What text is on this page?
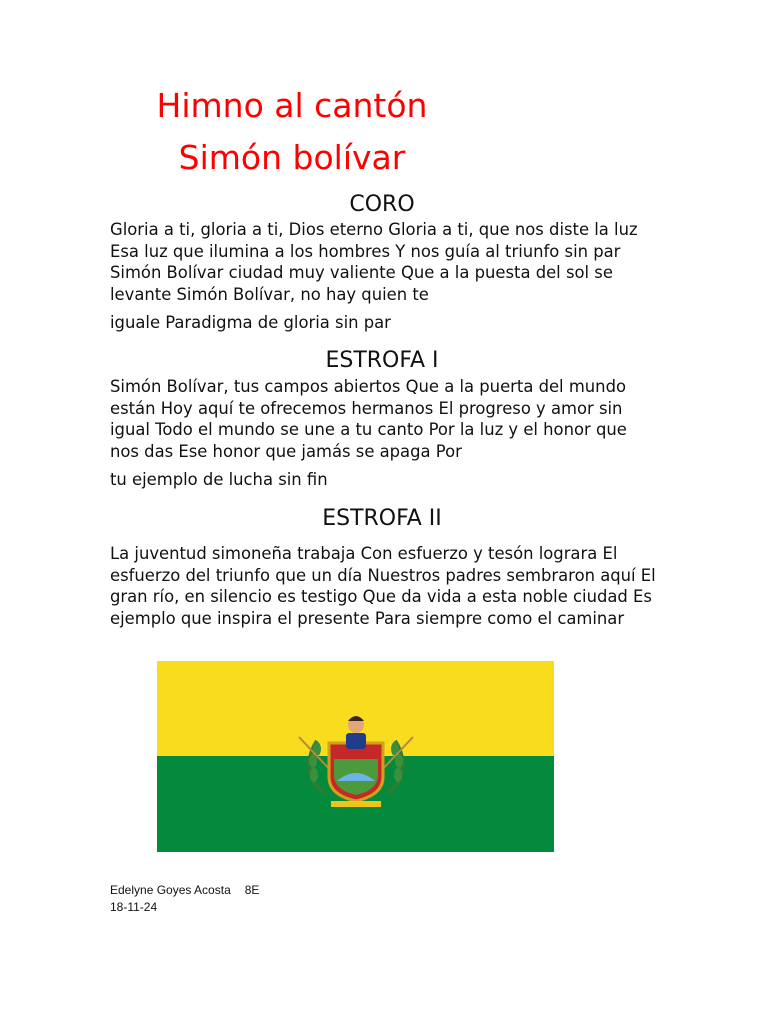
Himno al cantón
Simón bolívar
CORO

Gloria a ti, gloria a ti, Dios eterno Gloria a ti, que nos diste la luz Esa luz que ilumina a los hombres Y nos guía al triunfo sin par Simón Bolívar ciudad muy valiente Que a la puesta del sol se levante Simón Bolívar, no hay quien te

iguale Paradigma de gloria sin par

ESTROFA I

Simón Bolívar, tus campos abiertos Que a la puerta del mundo están Hoy aquí te ofrecemos hermanos El progreso y amor sin igual Todo el mundo se une a tu canto Por la luz y el honor que nos das Ese honor que jamás se apaga Por

tu ejemplo de lucha sin fin

ESTROFA II

La juventud simoneña trabaja Con esfuerzo y tesón lograra El esfuerzo del triunfo que un día Nuestros padres sembraron aquí El gran río, en silencio es testigo Que da vida a esta noble ciudad Es ejemplo que inspira el presente Para siempre como el caminar

Edelyne Goyes Acosta 8E

18-11-24
